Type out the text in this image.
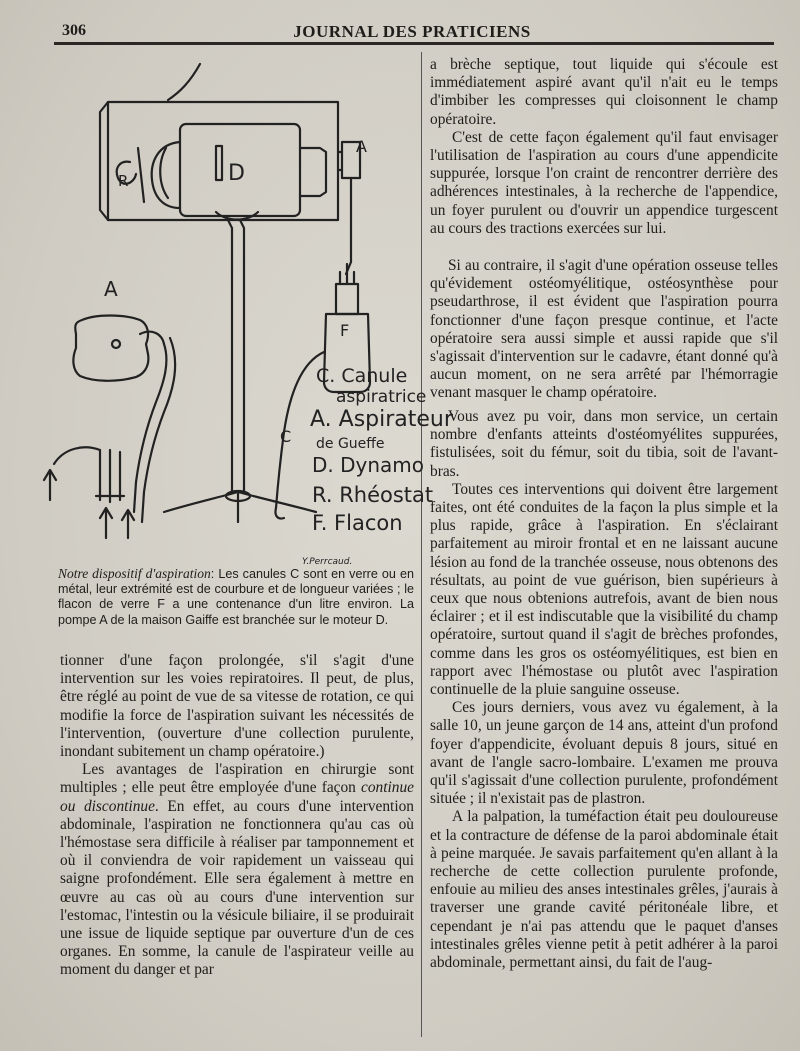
306	JOURNAL DES PRATICIENS
A
D
R
F
A
C
C. Canule
aspiratrice
A. Aspirateur
de Gueffe
D. Dynamo
R. Rhéostat
F. Flacon
Y.Perrcaud.
Notre dispositif d'aspiration: Les canules C sont en verre ou en métal, leur extrémité est de courbure et de longueur variées ; le flacon de verre F a une contenance d'un litre environ. La pompe A de la maison Gaiffe est branchée sur le moteur D.

tionner d'une façon prolongée, s'il s'agit d'une intervention sur les voies repiratoires. Il peut, de plus, être réglé au point de vue de sa vitesse de rotation, ce qui modifie la force de l'aspiration suivant les nécessités de l'intervention, (ouverture d'une collection purulente, inondant subitement un champ opératoire.)

Les avantages de l'aspiration en chirurgie sont multiples ; elle peut être employée d'une façon continue ou discontinue. En effet, au cours d'une intervention abdominale, l'aspiration ne fonctionnera qu'au cas où l'hémostase sera difficile à réaliser par tamponnement et où il conviendra de voir rapidement un vaisseau qui saigne profondément. Elle sera également à mettre en œuvre au cas où au cours d'une intervention sur l'estomac, l'intestin ou la vésicule biliaire, il se produirait une issue de liquide septique par ouverture d'un de ces organes. En somme, la canule de l'aspirateur veille au moment du danger et par

a brèche septique, tout liquide qui s'écoule est immédiatement aspiré avant qu'il n'ait eu le temps d'imbiber les compresses qui cloisonnent le champ opératoire.

C'est de cette façon également qu'il faut envisager l'utilisation de l'aspiration au cours d'une appendicite suppurée, lorsque l'on craint de rencontrer derrière des adhérences intestinales, à la recherche de l'appendice, un foyer purulent ou d'ouvrir un appendice turgescent au cours des tractions exercées sur lui.

Si au contraire, il s'agit d'une opération osseuse telles qu'évidement ostéomyélitique, ostéosynthèse pour pseudarthrose, il est évident que l'aspiration pourra fonctionner d'une façon presque continue, et l'acte opératoire sera aussi simple et aussi rapide que s'il s'agissait d'intervention sur le cadavre, étant donné qu'à aucun moment, on ne sera arrêté par l'hémorragie venant masquer le champ opératoire.

Vous avez pu voir, dans mon service, un certain nombre d'enfants atteints d'ostéomyélites suppurées, fistulisées, soit du fémur, soit du tibia, soit de l'avant-bras.

Toutes ces interventions qui doivent être largement faites, ont été conduites de la façon la plus simple et la plus rapide, grâce à l'aspiration. En s'éclairant parfaitement au miroir frontal et en ne laissant aucune lésion au fond de la tranchée osseuse, nous obtenons des résultats, au point de vue guérison, bien supérieurs à ceux que nous obtenions autrefois, avant de bien nous éclairer ; et il est indiscutable que la visibilité du champ opératoire, surtout quand il s'agit de brèches profondes, comme dans les gros os ostéomyélitiques, est bien en rapport avec l'hémostase ou plutôt avec l'aspiration continuelle de la pluie sanguine osseuse.

Ces jours derniers, vous avez vu également, à la salle 10, un jeune garçon de 14 ans, atteint d'un profond foyer d'appendicite, évoluant depuis 8 jours, situé en avant de l'angle sacro-lombaire. L'examen me prouva qu'il s'agissait d'une collection purulente, profondément située ; il n'existait pas de plastron.

A la palpation, la tuméfaction était peu douloureuse et la contracture de défense de la paroi abdominale était à peine marquée. Je savais parfaitement qu'en allant à la recherche de cette collection purulente profonde, enfouie au milieu des anses intestinales grêles, j'aurais à traverser une grande cavité péritonéale libre, et cependant je n'ai pas attendu que le paquet d'anses intestinales grêles vienne petit à petit adhérer à la paroi abdominale, permettant ainsi, du fait de l'aug-
